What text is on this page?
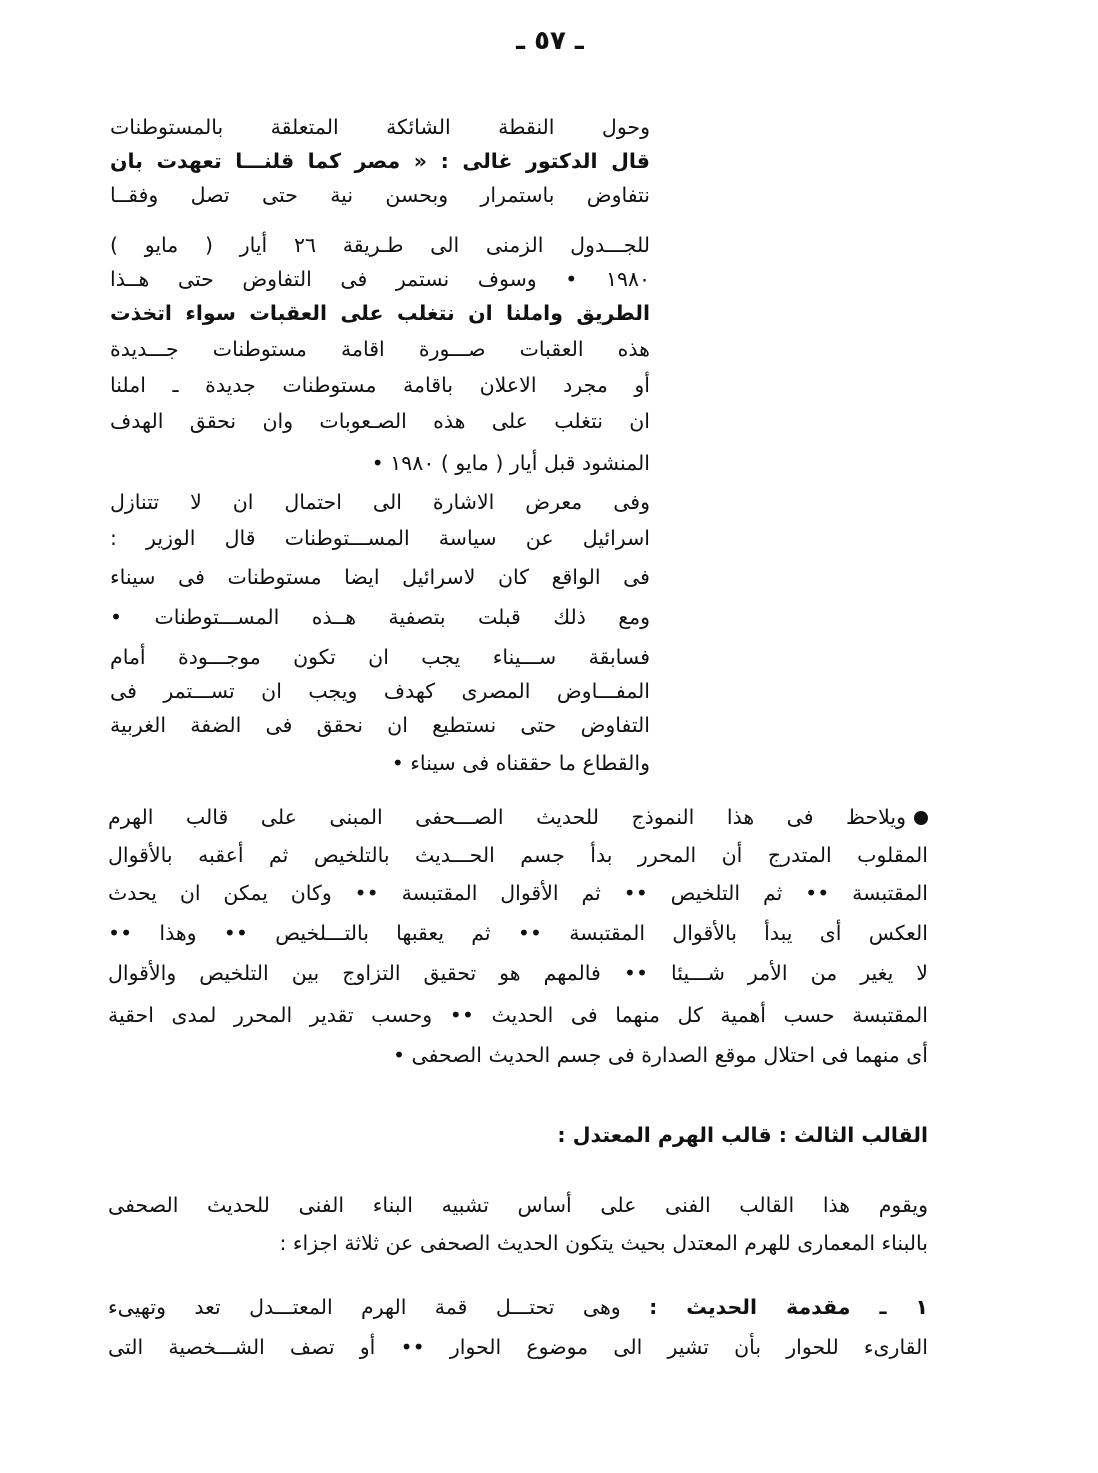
ـ ٥٧ ـ
وحول النقطة الشائكة المتعلقة بالمستوطنات
قال الدكتور غالى : « مصر كما قلنـــا تعهدت بان
نتفاوض باستمرار وبحسن نية حتى تصل وفقــا
للجـــدول الزمنى الى طـريقة ٢٦ أيار ( مايو )
١٩٨٠ • وسوف نستمر فى التفاوض حتى هــذا
الطريق واملنا ان نتغلب على العقبات سواء اتخذت
هذه العقبات صـــورة اقامة مستوطنات جـــديدة
أو مجرد الاعلان باقامة مستوطنات جديدة ـ املنا
ان نتغلب على هذه الصـعوبات وان نحقق الهدف
المنشود قبل أيار ( مايو ) ١٩٨٠ •
وفى معرض الاشارة الى احتمال ان لا تتنازل
اسرائيل عن سياسة المســـتوطنات قال الوزير :
فى الواقع كان لاسرائيل ايضا مستوطنات فى سيناء
ومع ذلك قبلت بتصفية هــذه المســـتوطنات •
فسابقة ســـيناء يجب ان تكون موجـــودة أمام
المفـــاوض المصرى كهدف ويجب ان تســـتمر فى
التفاوض حتى نستطيع ان نحقق فى الضفة الغربية
والقطاع ما حققناه فى سيناء •
ويلاحظ فى هذا النموذج للحديث الصـــحفى المبنى على قالب الهرم
المقلوب المتدرج أن المحرر بدأ جسم الحـــديث بالتلخيص ثم أعقبه بالأقوال
المقتبسة •• ثم التلخيص •• ثم الأقوال المقتبسة •• وكان يمكن ان يحدث
العكس أى يبدأ بالأقوال المقتبسة •• ثم يعقبها بالتـــلخيص •• وهذا ••
لا يغير من الأمر شـــيئا •• فالمهم هو تحقيق التزاوج بين التلخيص والأقوال
المقتبسة حسب أهمية كل منهما فى الحديث •• وحسب تقدير المحرر لمدى احقية
أى منهما فى احتلال موقع الصدارة فى جسم الحديث الصحفى •
القالب الثالث : قالب الهرم المعتدل :
ويقوم هذا القالب الفنى على أساس تشبيه البناء الفنى للحديث الصحفى
بالبناء المعمارى للهرم المعتدل بحيث يتكون الحديث الصحفى عن ثلاثة اجزاء :
١ ـ مقدمة الحديث : وهى تحتـــل قمة الهرم المعتـــدل تعد وتهيىء
القارىء للحوار بأن تشير الى موضوع الحوار •• أو تصف الشـــخصية التى
